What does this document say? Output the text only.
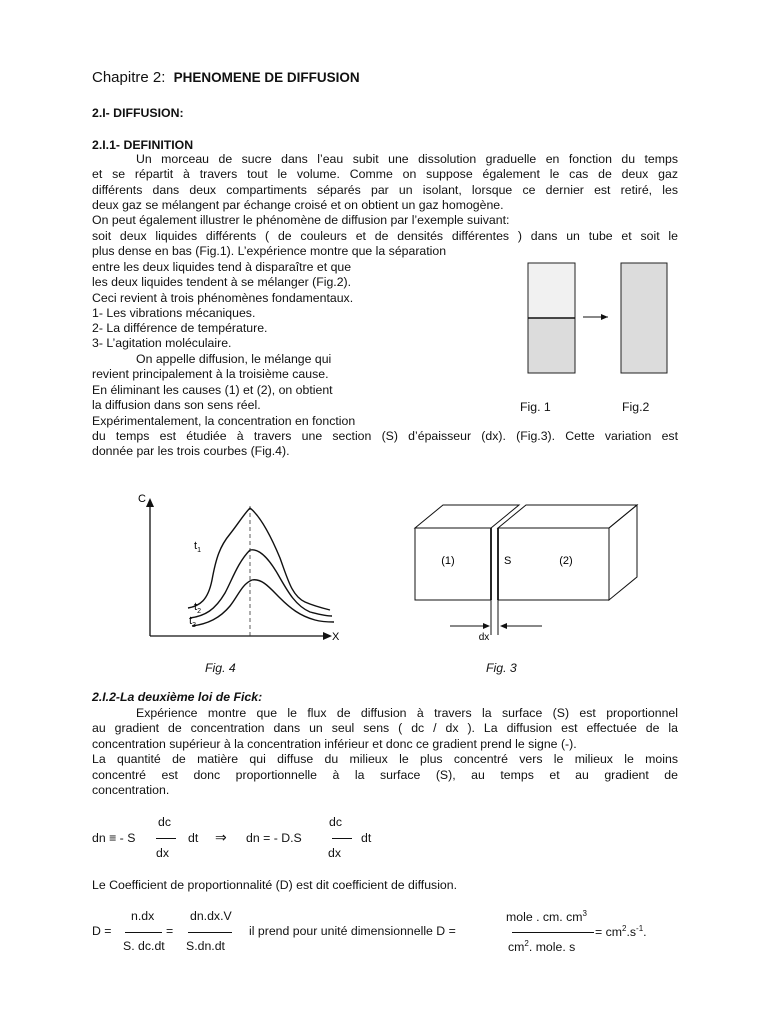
Chapitre 2: PHENOMENE DE DIFFUSION
2.I- DIFFUSION:
2.I.1- DEFINITION
Un morceau de sucre dans l’eau subit une dissolution graduelle en fonction du temps
et se répartit à travers tout le volume. Comme on suppose également le cas de deux gaz
différents dans deux compartiments séparés par un isolant, lorsque ce dernier est retiré, les
deux gaz se mélangent par échange croisé et on obtient un gaz homogène.
On peut également illustrer le phénomène de diffusion par l’exemple suivant:
soit deux liquides différents ( de couleurs et de densités différentes ) dans un tube et soit le
plus dense en bas (Fig.1). L’expérience montre que la séparation
entre les deux liquides tend à disparaître et que
les deux liquides tendent à se mélanger (Fig.2).
Ceci revient à trois phénomènes fondamentaux.
1- Les vibrations mécaniques.
2- La différence de température.
3- L’agitation moléculaire.
On appelle diffusion, le mélange qui
revient principalement à la troisième cause.
En éliminant les causes (1) et (2), on obtient
la diffusion dans son sens réel.
Expérimentalement, la concentration en fonction
du temps est étudiée à travers une section (S) d’épaisseur (dx). (Fig.3). Cette variation est
donnée par les trois courbes (Fig.4).
Fig. 1	Fig.2
C
X
$t_1$
$t_2$
$t_3$
Fig. 4
(1)	S	(2)
dx
Fig. 3
2.I.2-La deuxième loi de Fick:
Expérience montre que le flux de diffusion à travers la surface (S) est proportionnel
au gradient de concentration dans un seul sens ( dc / dx ). La diffusion est effectuée de la
concentration supérieur à la concentration inférieur et donc ce gradient prend le signe (-).
La quantité de matière qui diffuse du milieux le plus concentré vers le milieux le moins
concentré est donc proportionnelle à la surface (S), au temps et au gradient de
concentration.
dn ≡ - S
dc
dx
dt ⇒ dn = - D.S
dc
dx
dt
Le Coefficient de proportionnalité (D) est dit coefficient de diffusion.
D =
n.dx
S. dc.dt
=
dn.dx.V
S.dn.dt
il prend pour unité dimensionnelle D =
mole . cm. $cm^3$
$cm^2$. mole. s
= $cm^2.s^{-1}$.
